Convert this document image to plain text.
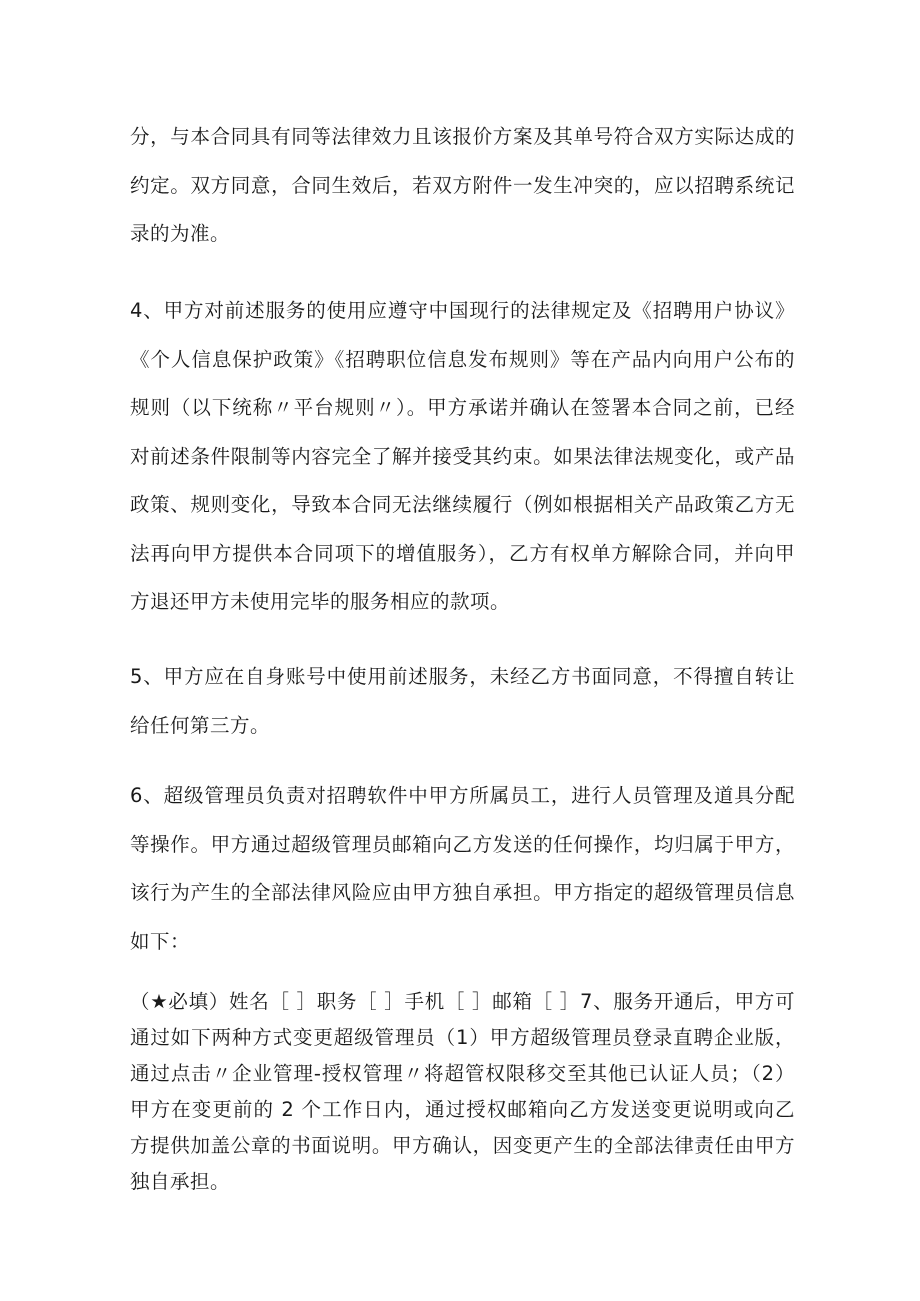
分，与本合同具有同等法律效力且该报价方案及其单号符合双方实际达成的约定。双方同意，合同生效后，若双方附件一发生冲突的，应以招聘系统记录的为准。

4、甲方对前述服务的使用应遵守中国现行的法律规定及《招聘用户协议》《个人信息保护政策》《招聘职位信息发布规则》等在产品内向用户公布的规则（以下统称〃平台规则〃）。甲方承诺并确认在签署本合同之前，已经对前述条件限制等内容完全了解并接受其约束。如果法律法规变化，或产品政策、规则变化，导致本合同无法继续履行（例如根据相关产品政策乙方无法再向甲方提供本合同项下的增值服务），乙方有权单方解除合同，并向甲方退还甲方未使用完毕的服务相应的款项。

5、甲方应在自身账号中使用前述服务，未经乙方书面同意，不得擅自转让给任何第三方。

6、超级管理员负责对招聘软件中甲方所属员工，进行人员管理及道具分配等操作。甲方通过超级管理员邮箱向乙方发送的任何操作，均归属于甲方，该行为产生的全部法律风险应由甲方独自承担。甲方指定的超级管理员信息如下：

（★必填）姓名［ ］职务［ ］手机［ ］邮箱［ ］7、服务开通后，甲方可通过如下两种方式变更超级管理员（1）甲方超级管理员登录直聘企业版，通过点击〃企业管理-授权管理〃将超管权限移交至其他已认证人员；（2）甲方在变更前的 2 个工作日内，通过授权邮箱向乙方发送变更说明或向乙方提供加盖公章的书面说明。甲方确认，因变更产生的全部法律责任由甲方独自承担。
